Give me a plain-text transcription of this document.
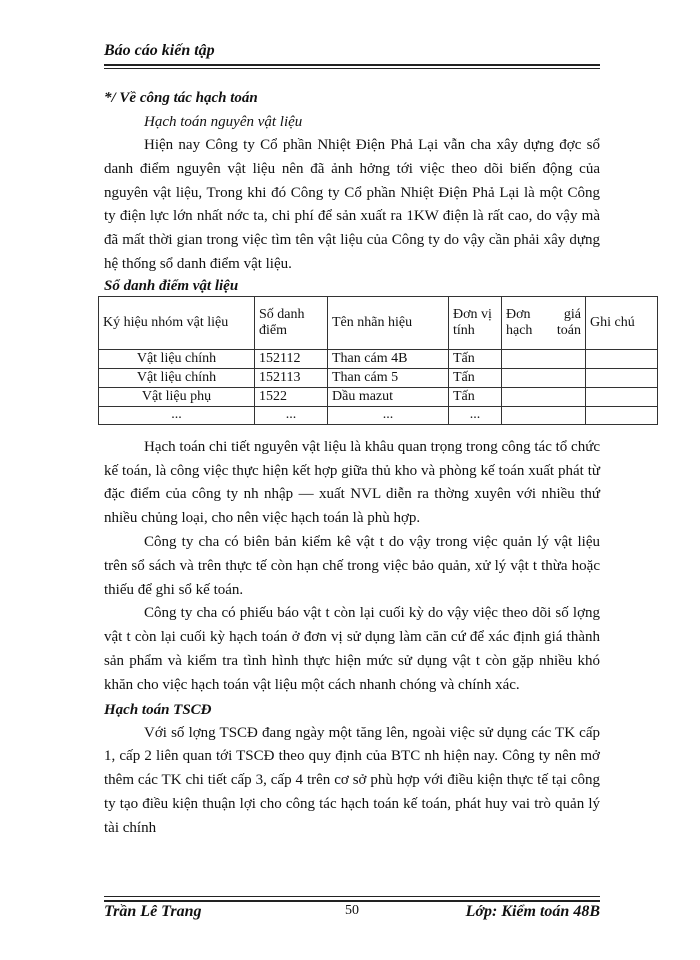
Báo cáo kiến tập

*/ Về công tác hạch toán

Hạch toán nguyên vật liệu

Hiện nay Công ty Cổ phần Nhiệt Điện Phả Lại vẫn cha xây dựng đợc sổ danh điểm nguyên vật liệu nên đã ảnh hởng tới việc theo dõi biến động của nguyên vật liệu, Trong khi đó Công ty Cổ phần Nhiệt Điện Phả Lại là một Công ty điện lực lớn nhất nớc ta, chi phí để sản xuất ra 1KW điện là rất cao, do vậy mà đã mất thời gian trong việc tìm tên vật liệu của Công ty do vậy cần phải xây dựng hệ thống sổ danh điểm vật liệu.

Sổ danh điểm vật liệu

Ký hiệu nhóm vật liệu	Số danh điểm	Tên nhãn hiệu	Đơn vị tính	Đơn giá hạch toán	Ghi chú
Vật liệu chính	152112	Than cám 4B	Tấn		
Vật liệu chính	152113	Than cám 5	Tấn		
Vật liệu phụ	1522	Dầu mazut	Tấn		
...	...	...	...		

Hạch toán chi tiết nguyên vật liệu là khâu quan trọng trong công tác tổ chức kế toán, là công việc thực hiện kết hợp giữa thủ kho và phòng kế toán xuất phát từ đặc điểm của công ty nh nhập — xuất NVL diễn ra thờng xuyên với nhiều thứ nhiều chủng loại, cho nên việc hạch toán là phù hợp.

Công ty cha có biên bản kiểm kê vật t do vậy trong việc quản lý vật liệu trên sổ sách và trên thực tế còn hạn chế trong việc bảo quản, xử lý vật t thừa hoặc thiếu để ghi sổ kế toán.

Công ty cha có phiếu báo vật t còn lại cuối kỳ do vậy việc theo dõi số lợng vật t còn lại cuối kỳ hạch toán ở đơn vị sử dụng làm căn cứ để xác định giá thành sản phẩm và kiểm tra tình hình thực hiện mức sử dụng vật t còn gặp nhiều khó khăn cho việc hạch toán vật liệu một cách nhanh chóng và chính xác.

Hạch toán TSCĐ

Với số lợng TSCĐ đang ngày một tăng lên, ngoài việc sử dụng các TK cấp 1, cấp 2 liên quan tới TSCĐ theo quy định của BTC nh hiện nay. Công ty nên mở thêm các TK chi tiết cấp 3, cấp 4 trên cơ sở phù hợp với điều kiện thực tế tại công ty tạo điều kiện thuận lợi cho công tác hạch toán kế toán, phát huy vai trò quản lý tài chính

Trần Lê Trang	50	Lớp: Kiểm toán 48B
